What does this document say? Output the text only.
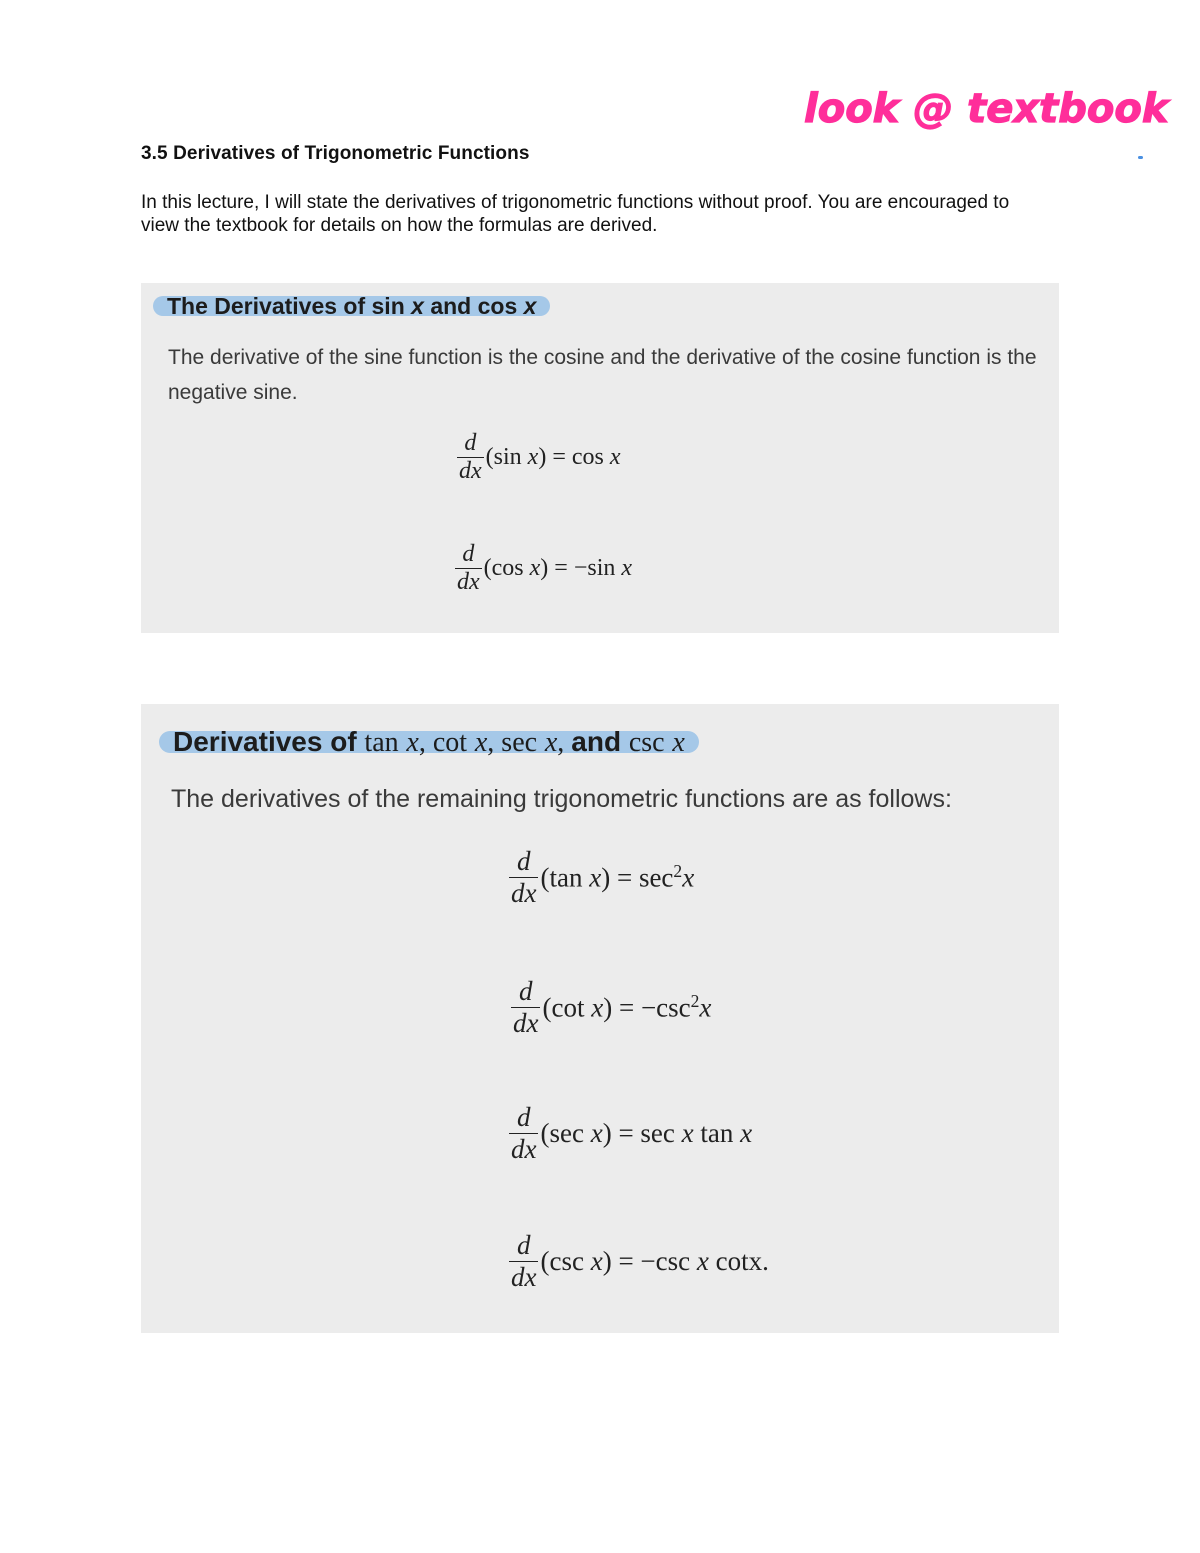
look @ textbook
3.5 Derivatives of Trigonometric Functions

In this lecture, I will state the derivatives of trigonometric functions without proof. You are encouraged to view the textbook for details on how the formulas are derived.

The Derivatives of sin x and cos x

The derivative of the sine function is the cosine and the derivative of the cosine function is the negative sine.

$\frac{d}{dx} (\sin$ x) = cos x
$\frac{d}{dx} (\cos$ x) = −sin x
Derivatives of tan x, cot x, sec x, and csc x

The derivatives of the remaining trigonometric functions are as follows:

$\frac{d}{dx} (\tan$ $x) = \sec^2x$
$\frac{d}{dx} (\cot$ $x) = -\csc^2x$
$\frac{d}{dx} (\sec$ x) = sec x tan x
$\frac{d}{dx} (\csc$ x) = −csc x cotx.
